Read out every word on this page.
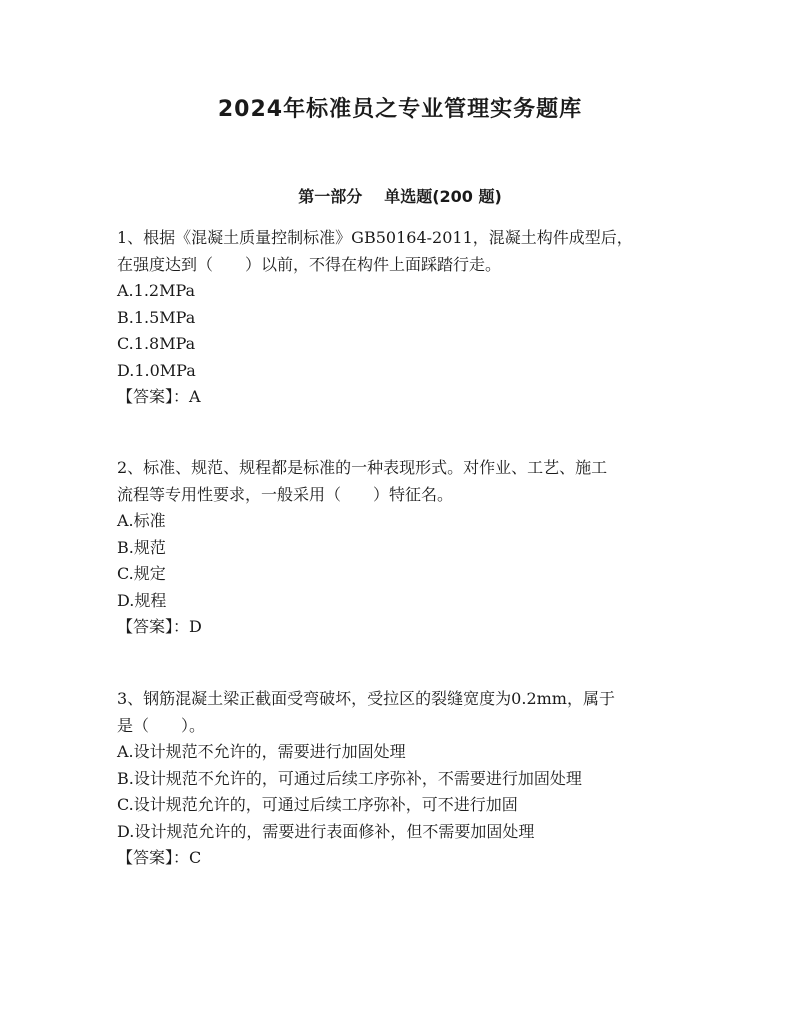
2024年标准员之专业管理实务题库
第一部分 单选题(200 题)

1、根据《混凝土质量控制标准》GB50164-2011，混凝土构件成型后，

在强度达到（　　）以前，不得在构件上面踩踏行走。

A.1.2MPa

B.1.5MPa

C.1.8MPa

D.1.0MPa

【答案】：A

2、标准、规范、规程都是标准的一种表现形式。对作业、工艺、施工

流程等专用性要求，一般采用（　　）特征名。

A.标准

B.规范

C.规定

D.规程

【答案】：D

3、钢筋混凝土梁正截面受弯破坏，受拉区的裂缝宽度为0.2mm，属于

是（　　）。

A.设计规范不允许的，需要进行加固处理

B.设计规范不允许的，可通过后续工序弥补，不需要进行加固处理

C.设计规范允许的，可通过后续工序弥补，可不进行加固

D.设计规范允许的，需要进行表面修补，但不需要加固处理

【答案】：C
